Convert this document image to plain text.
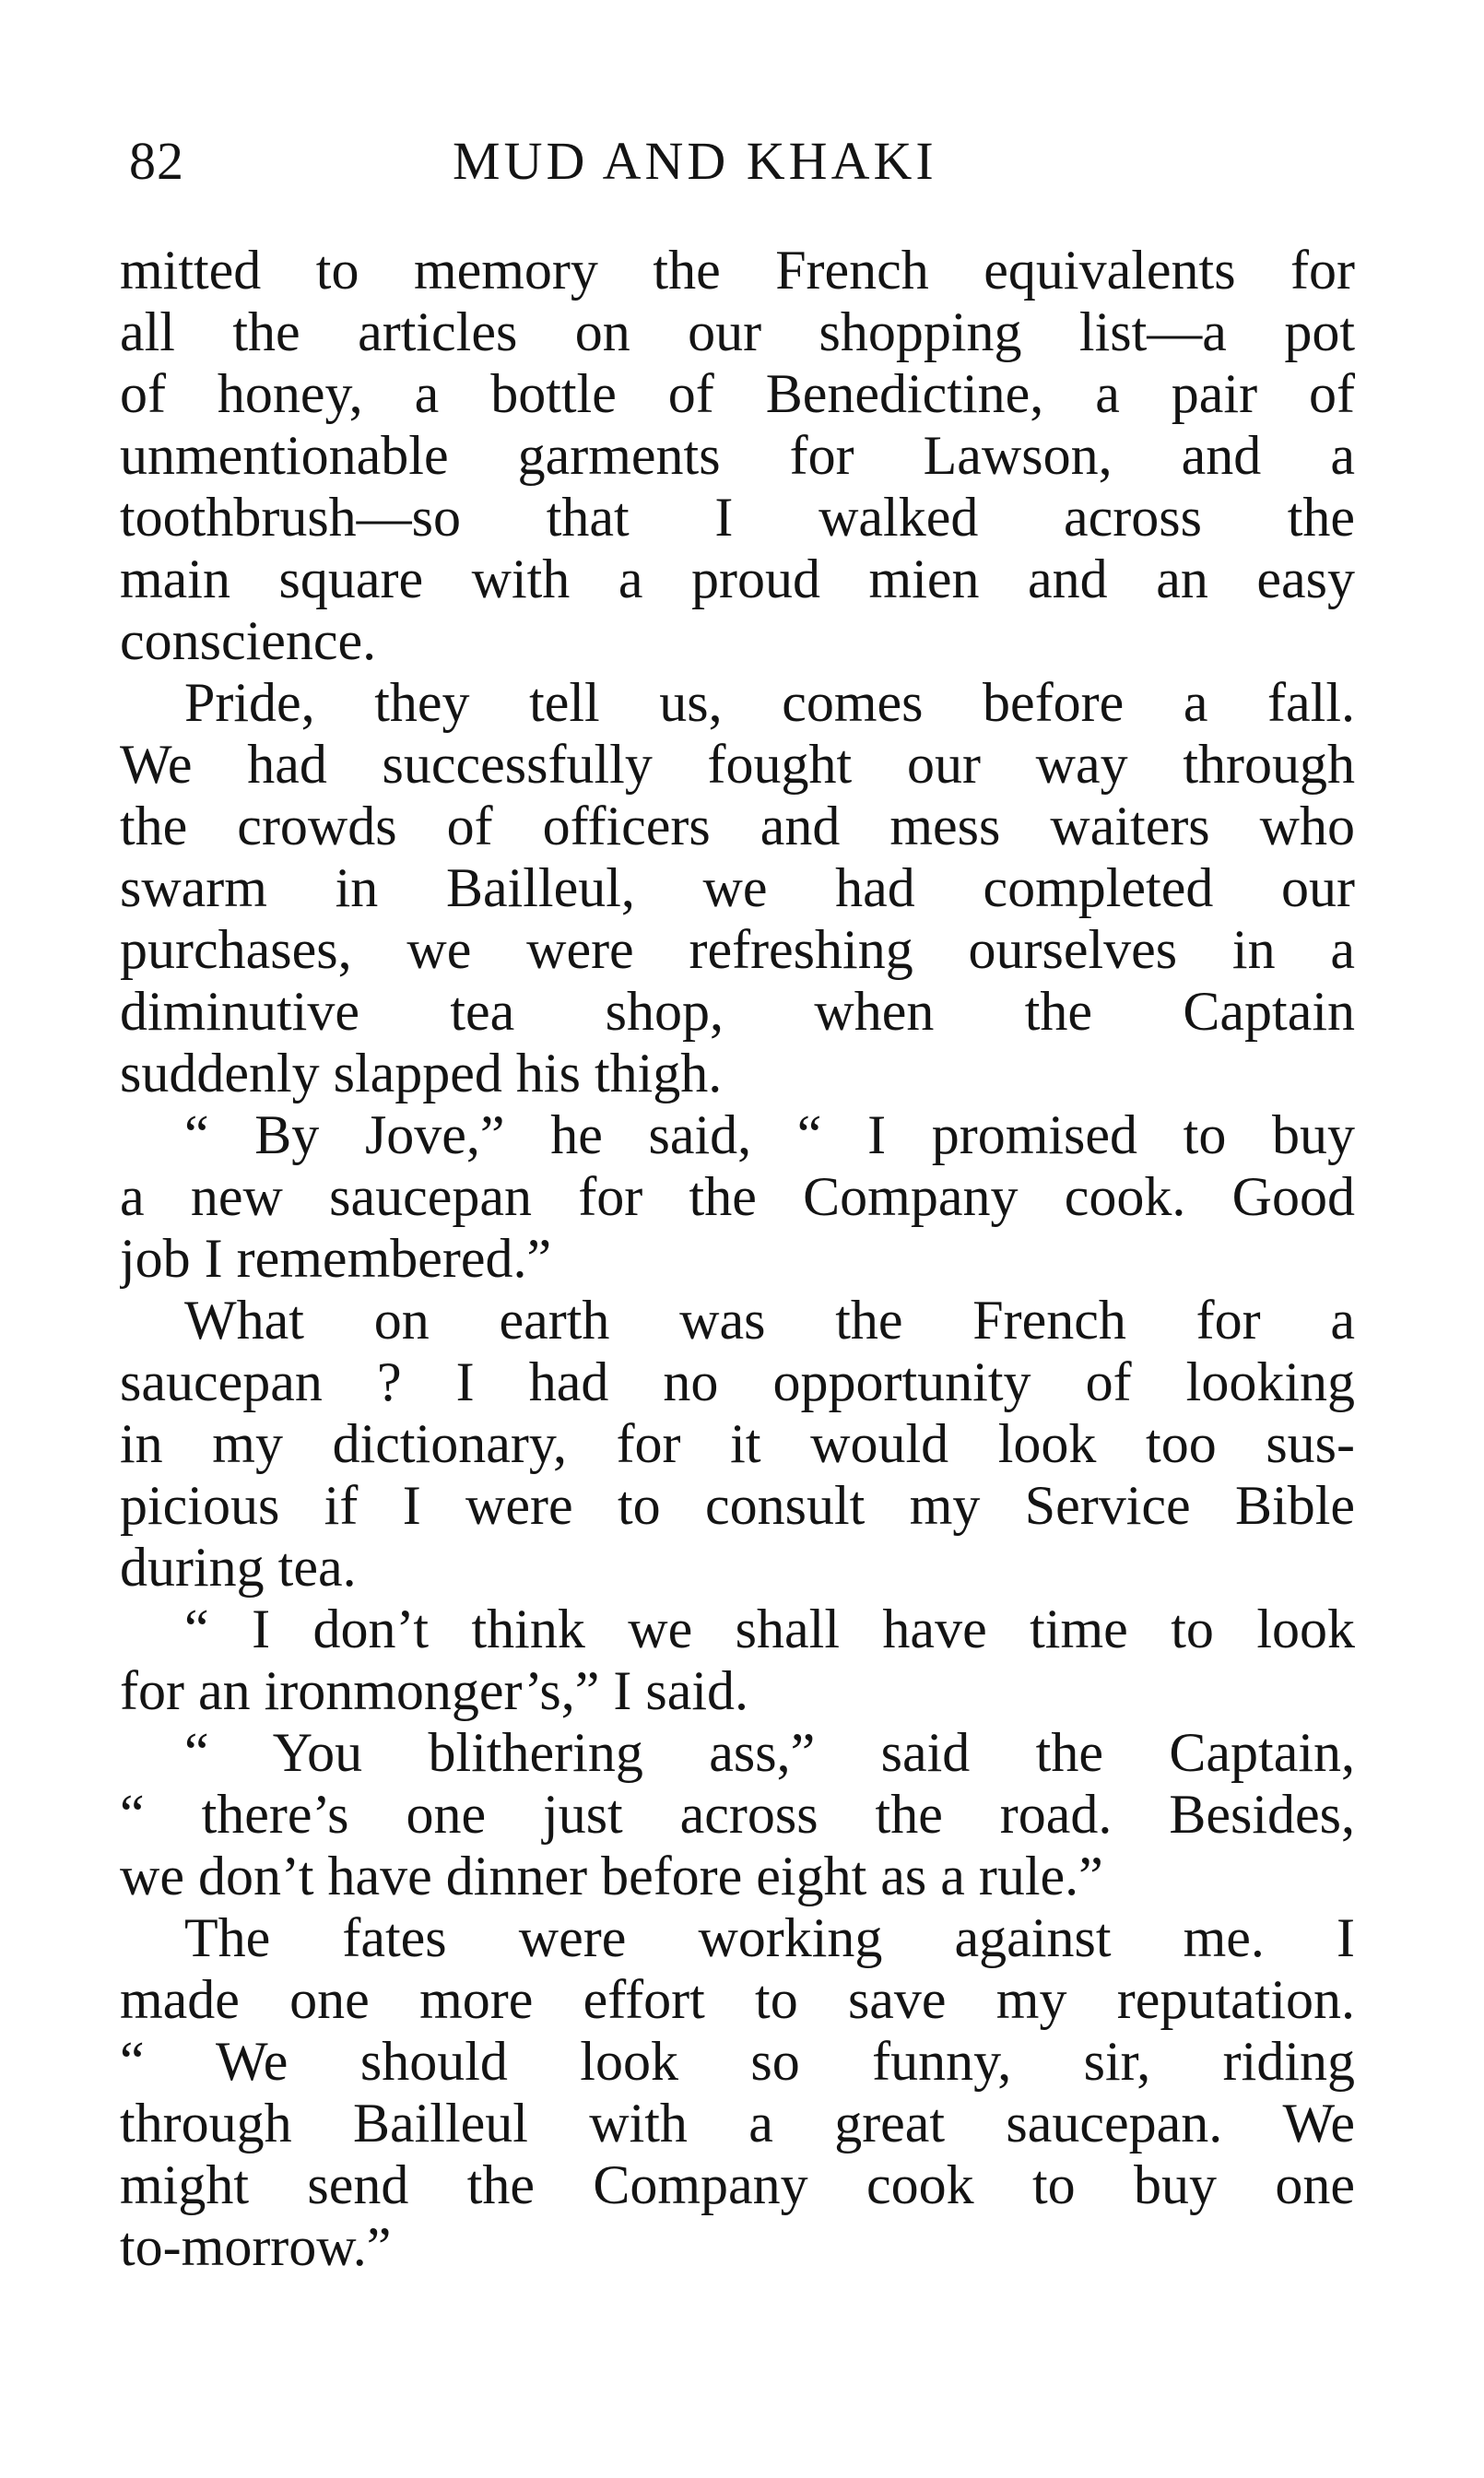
82	MUD AND KHAKI
mitted to memory the French equivalents for
all the articles on our shopping list—a pot
of honey, a bottle of Benedictine, a pair of
unmentionable garments for Lawson, and a
toothbrush—so that I walked across the
main square with a proud mien and an easy
conscience.
Pride, they tell us, comes before a fall.
We had successfully fought our way through
the crowds of officers and mess waiters who
swarm in Bailleul, we had completed our
purchases, we were refreshing ourselves in a
diminutive tea shop, when the Captain
suddenly slapped his thigh.
“ By Jove,” he said, “ I promised to buy
a new saucepan for the Company cook. Good
job I remembered.”
What on earth was the French for a
saucepan ? I had no opportunity of looking
in my dictionary, for it would look too sus-
picious if I were to consult my Service Bible
during tea.
“ I don’t think we shall have time to look
for an ironmonger’s,” I said.
“ You blithering ass,” said the Captain,
“ there’s one just across the road. Besides,
we don’t have dinner before eight as a rule.”
The fates were working against me. I
made one more effort to save my reputation.
“ We should look so funny, sir, riding
through Bailleul with a great saucepan. We
might send the Company cook to buy one
to-morrow.”
